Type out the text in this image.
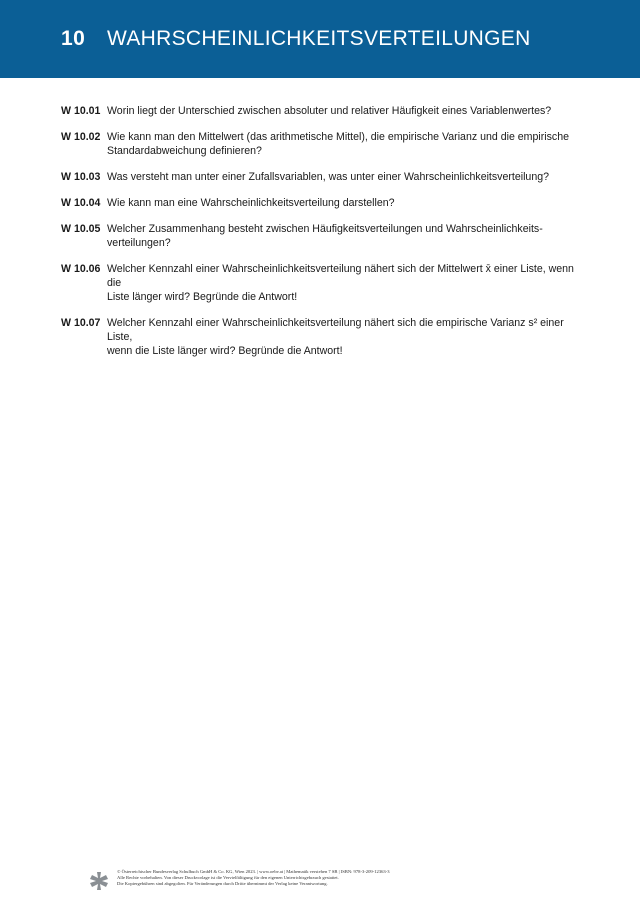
10 WAHRSCHEINLICHKEITSVERTEILUNGEN
W 10.01 Worin liegt der Unterschied zwischen absoluter und relativer Häufigkeit eines Variablenwertes?
W 10.02 Wie kann man den Mittelwert (das arithmetische Mittel), die empirische Varianz und die empirische
Standardabweichung definieren?
W 10.03 Was versteht man unter einer Zufallsvariablen, was unter einer Wahrscheinlichkeitsverteilung?
W 10.04 Wie kann man eine Wahrscheinlichkeitsverteilung darstellen?
W 10.05 Welcher Zusammenhang besteht zwischen Häufigkeitsverteilungen und Wahrscheinlichkeits-
verteilungen?
W 10.06 Welcher Kennzahl einer Wahrscheinlichkeitsverteilung nähert sich der Mittelwert x̄ einer Liste, wenn die
Liste länger wird? Begründe die Antwort!
W 10.07 Welcher Kennzahl einer Wahrscheinlichkeitsverteilung nähert sich die empirische Varianz s² einer Liste,
wenn die Liste länger wird? Begründe die Antwort!
© Österreichischer Bundesverlag Schulbuch GmbH & Co. KG, Wien 2023. | www.oebv.at | Mathematik verstehen 7 SB | ISBN: 978-3-209-12363-3
Alle Rechte vorbehalten. Von dieser Druckvorlage ist die Vervielfältigung für den eigenen Unterrichtsgebrauch gestattet.
Die Kopiergebühren sind abgegolten. Für Veränderungen durch Dritte übernimmt der Verlag keine Verantwortung.
